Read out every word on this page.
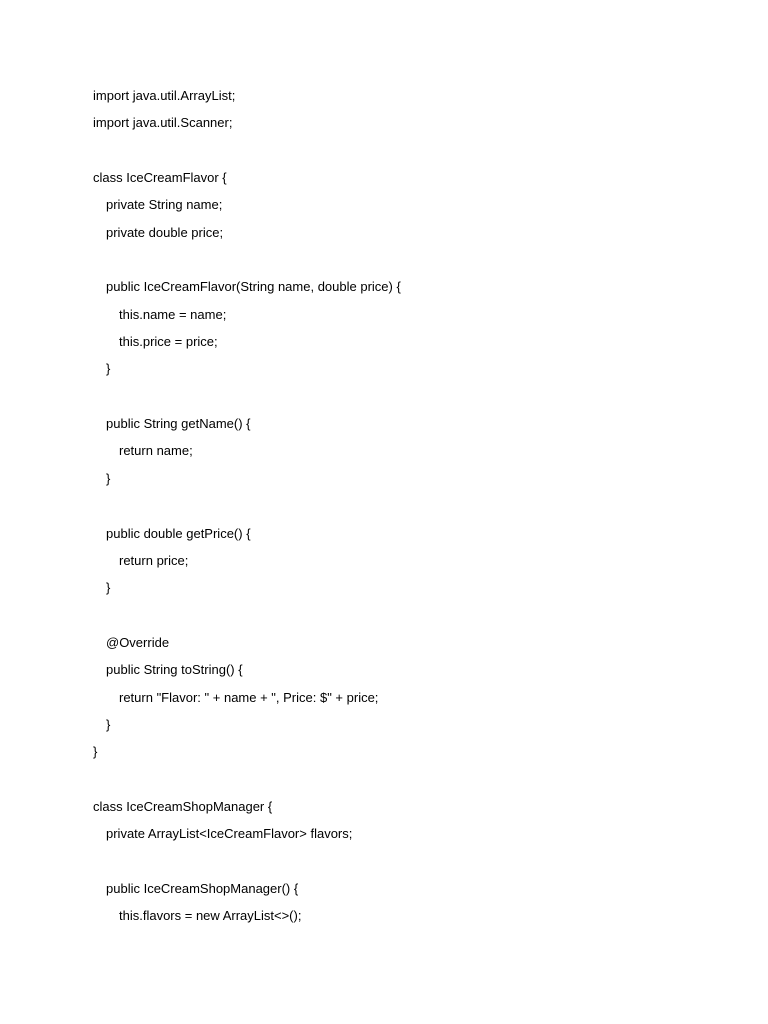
import java.util.ArrayList;
import java.util.Scanner;
class IceCreamFlavor {
private String name;
private double price;
public IceCreamFlavor(String name, double price) {
this.name = name;
this.price = price;
}
public String getName() {
return name;
}
public double getPrice() {
return price;
}
@Override
public String toString() {
return "Flavor: " + name + ", Price: $" + price;
}
}
class IceCreamShopManager {
private ArrayList<IceCreamFlavor> flavors;
public IceCreamShopManager() {
this.flavors = new ArrayList<>();
